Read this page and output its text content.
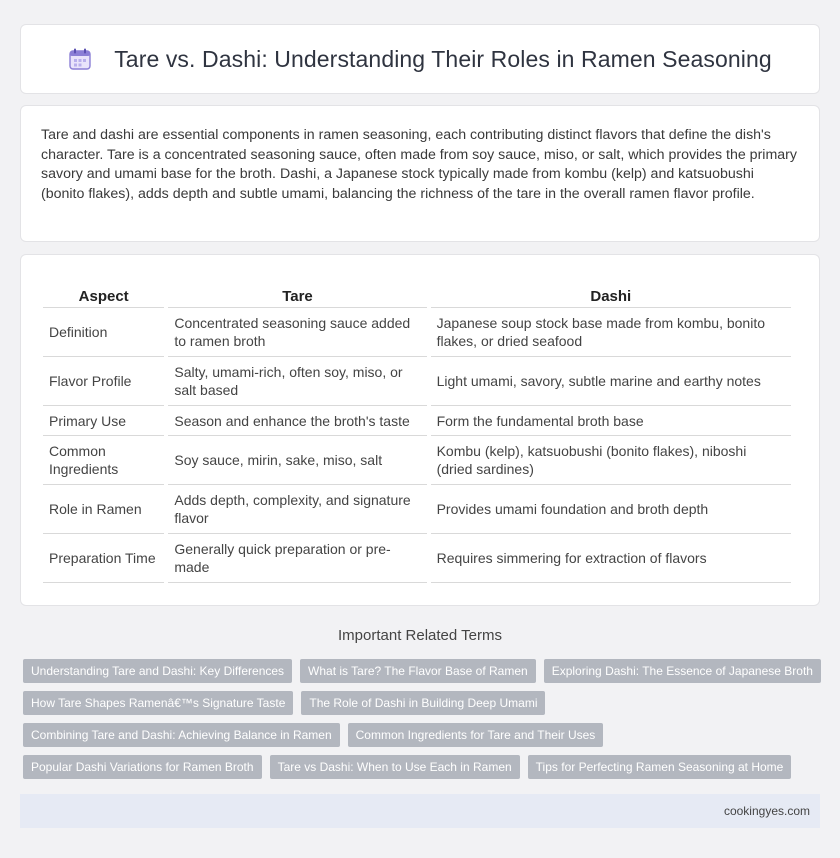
Tare vs. Dashi: Understanding Their Roles in Ramen Seasoning

Tare and dashi are essential components in ramen seasoning, each contributing distinct flavors that define the dish's character. Tare is a concentrated seasoning sauce, often made from soy sauce, miso, or salt, which provides the primary savory and umami base for the broth. Dashi, a Japanese stock typically made from kombu (kelp) and katsuobushi (bonito flakes), adds depth and subtle umami, balancing the richness of the tare in the overall ramen flavor profile.

Aspect	Tare	Dashi
Definition	Concentrated seasoning sauce added to ramen broth	Japanese soup stock base made from kombu, bonito flakes, or dried seafood
Flavor Profile	Salty, umami-rich, often soy, miso, or salt based	Light umami, savory, subtle marine and earthy notes
Primary Use	Season and enhance the broth's taste	Form the fundamental broth base
Common Ingredients	Soy sauce, mirin, sake, miso, salt	Kombu (kelp), katsuobushi (bonito flakes), niboshi (dried sardines)
Role in Ramen	Adds depth, complexity, and signature flavor	Provides umami foundation and broth depth
Preparation Time	Generally quick preparation or pre-made	Requires simmering for extraction of flavors
Important Related Terms
Understanding Tare and Dashi: Key Differences	What is Tare? The Flavor Base of Ramen	Exploring Dashi: The Essence of Japanese Broth
How Tare Shapes Ramenâ€™s Signature Taste	The Role of Dashi in Building Deep Umami
Combining Tare and Dashi: Achieving Balance in Ramen	Common Ingredients for Tare and Their Uses
Popular Dashi Variations for Ramen Broth	Tare vs Dashi: When to Use Each in Ramen	Tips for Perfecting Ramen Seasoning at Home
cookingyes.com
